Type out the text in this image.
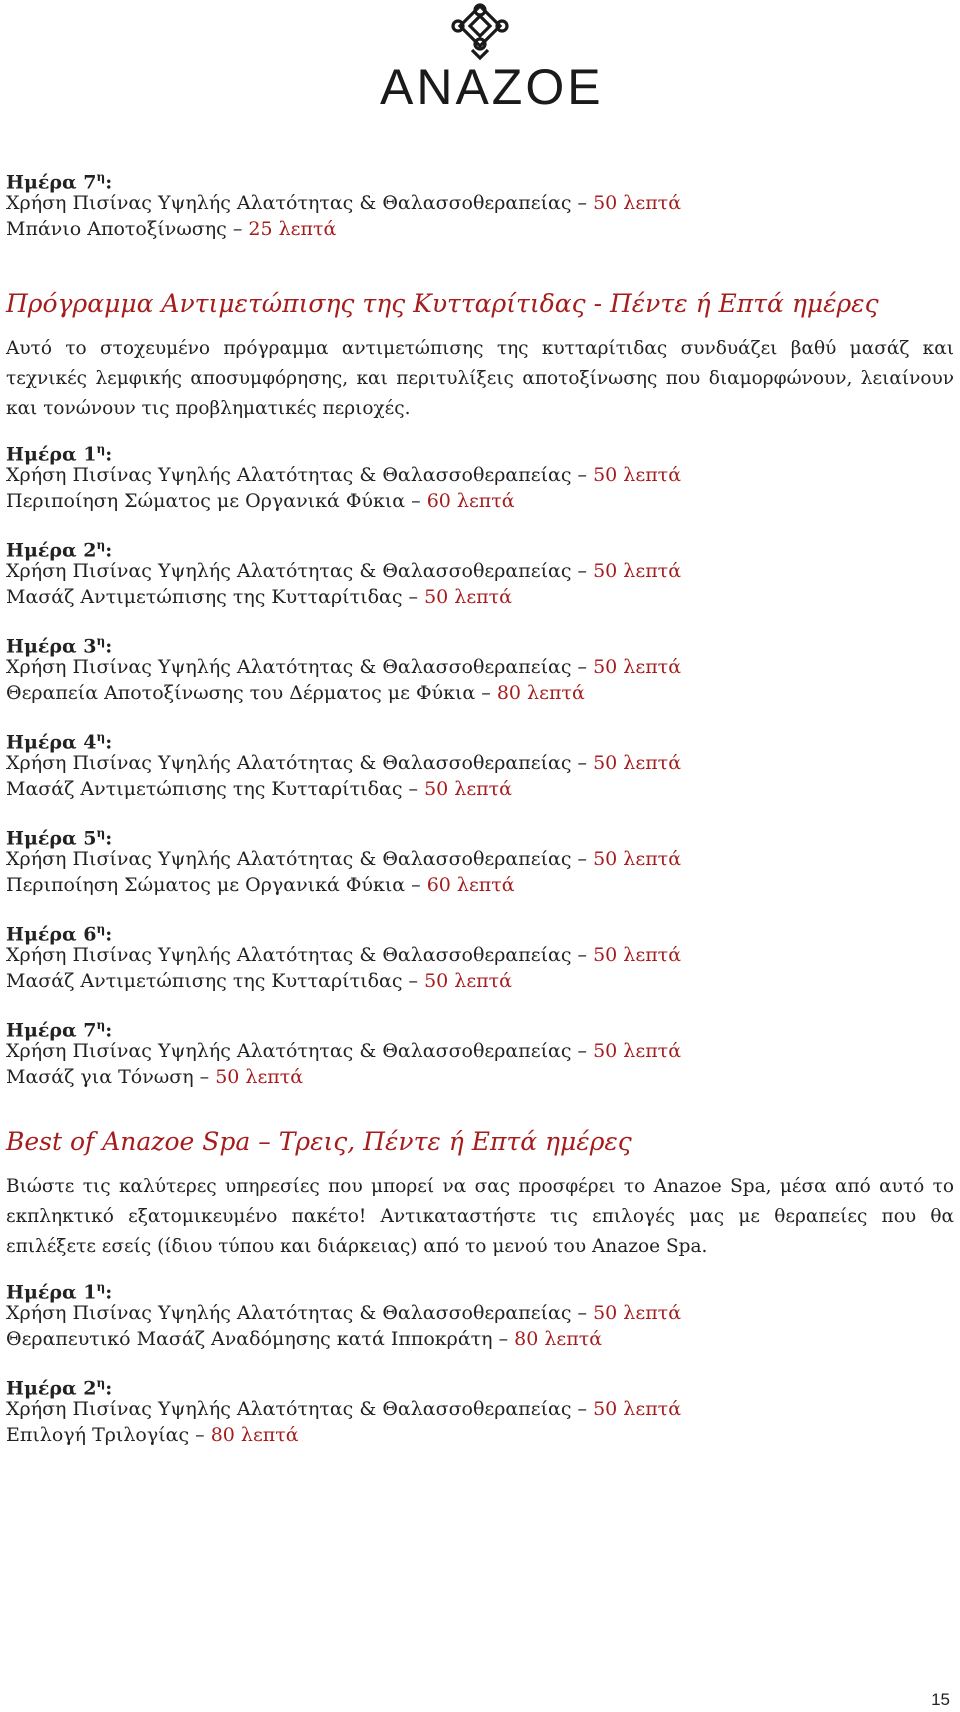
ANAZOE
Ημέρα $7^\eta$:
Χρήση Πισίνας Υψηλής Αλατότητας & Θαλασσοθεραπείας – 50 λεπτά
Μπάνιο Αποτοξίνωσης – 25 λεπτά
Πρόγραμμα Αντιμετώπισης της Κυτταρίτιδας - Πέντε ή Επτά ημέρες
Αυτό το στοχευμένο πρόγραμμα αντιμετώπισης της κυτταρίτιδας συνδυάζει βαθύ μασάζ και τεχνικές λεμφικής αποσυμφόρησης, και περιτυλίξεις αποτοξίνωσης που διαμορφώνουν, λειαίνουν και τονώνουν τις προβληματικές περιοχές.
Ημέρα $1^\eta$:
Χρήση Πισίνας Υψηλής Αλατότητας & Θαλασσοθεραπείας – 50 λεπτά
Περιποίηση Σώματος με Οργανικά Φύκια – 60 λεπτά
Ημέρα $2^\eta$:
Χρήση Πισίνας Υψηλής Αλατότητας & Θαλασσοθεραπείας – 50 λεπτά
Μασάζ Αντιμετώπισης της Κυτταρίτιδας – 50 λεπτά
Ημέρα $3^\eta$:
Χρήση Πισίνας Υψηλής Αλατότητας & Θαλασσοθεραπείας – 50 λεπτά
Θεραπεία Αποτοξίνωσης του Δέρματος με Φύκια – 80 λεπτά
Ημέρα $4^\eta$:
Χρήση Πισίνας Υψηλής Αλατότητας & Θαλασσοθεραπείας – 50 λεπτά
Μασάζ Αντιμετώπισης της Κυτταρίτιδας – 50 λεπτά
Ημέρα $5^\eta$:
Χρήση Πισίνας Υψηλής Αλατότητας & Θαλασσοθεραπείας – 50 λεπτά
Περιποίηση Σώματος με Οργανικά Φύκια – 60 λεπτά
Ημέρα $6^\eta$:
Χρήση Πισίνας Υψηλής Αλατότητας & Θαλασσοθεραπείας – 50 λεπτά
Μασάζ Αντιμετώπισης της Κυτταρίτιδας – 50 λεπτά
Ημέρα $7^\eta$:
Χρήση Πισίνας Υψηλής Αλατότητας & Θαλασσοθεραπείας – 50 λεπτά
Μασάζ για Τόνωση – 50 λεπτά
Best of Anazoe Spa – Τρεις, Πέντε ή Επτά ημέρες
Βιώστε τις καλύτερες υπηρεσίες που μπορεί να σας προσφέρει το Anazoe Spa, μέσα από αυτό το εκπληκτικό εξατομικευμένο πακέτο! Αντικαταστήστε τις επιλογές μας με θεραπείες που θα επιλέξετε εσείς (ίδιου τύπου και διάρκειας) από το μενού του Anazoe Spa.
Ημέρα $1^\eta$:
Χρήση Πισίνας Υψηλής Αλατότητας & Θαλασσοθεραπείας – 50 λεπτά
Θεραπευτικό Μασάζ Αναδόμησης κατά Ιπποκράτη – 80 λεπτά
Ημέρα $2^\eta$:
Χρήση Πισίνας Υψηλής Αλατότητας & Θαλασσοθεραπείας – 50 λεπτά
Επιλογή Τριλογίας – 80 λεπτά
15
